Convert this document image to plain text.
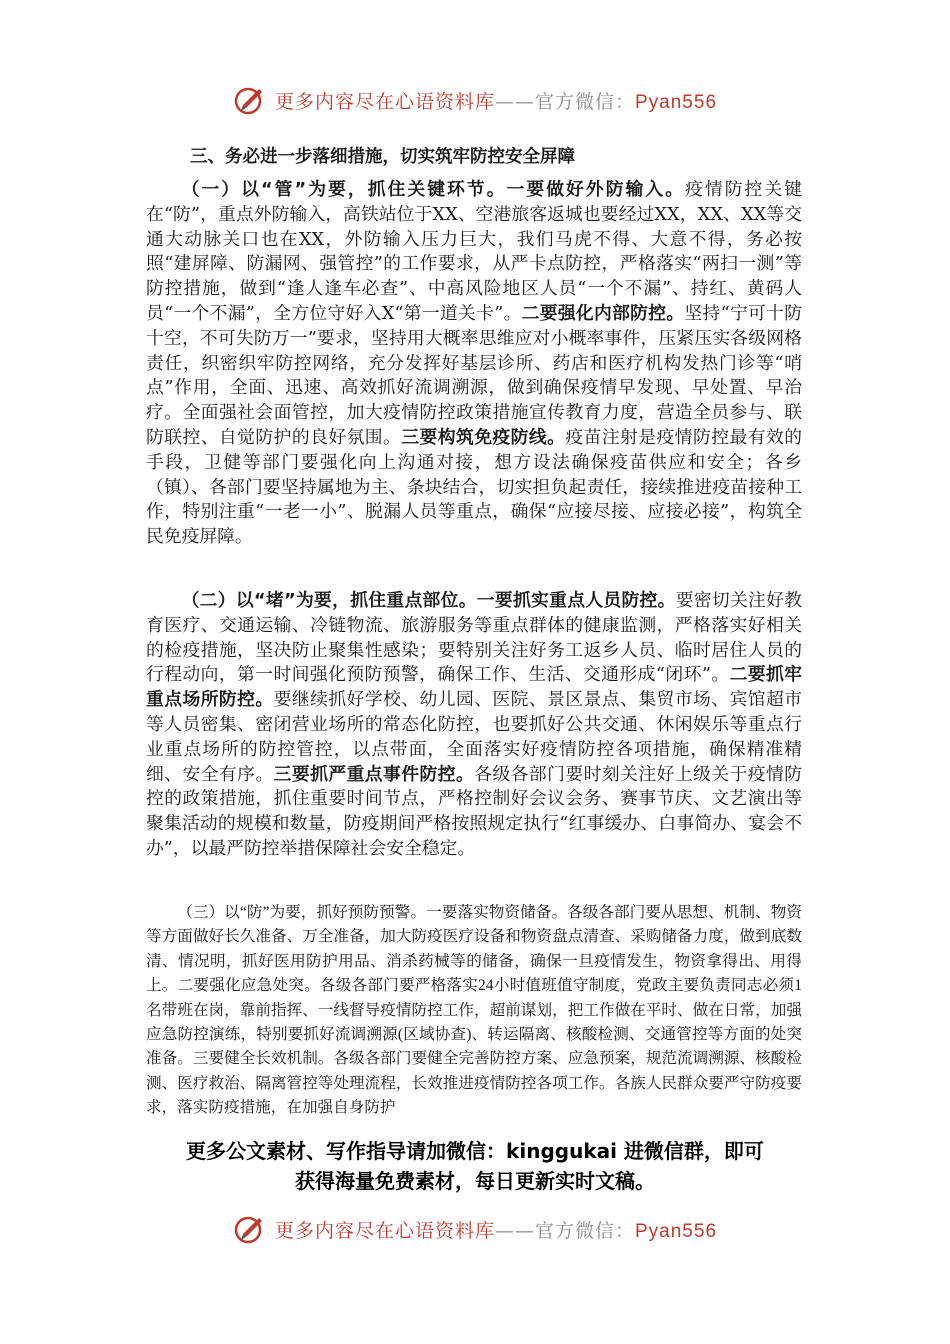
更多内容尽在心语资料库——官方微信：Pyan556
三、务必进一步落细措施，切实筑牢防控安全屏障

（一）以“管”为要，抓住关键环节。一要做好外防输入。疫情防控关键在“防”，重点外防输入，高铁站位于XX、空港旅客返城也要经过XX，XX、XX等交通大动脉关口也在XX，外防输入压力巨大，我们马虎不得、大意不得，务必按照“建屏障、防漏网、强管控”的工作要求，从严卡点防控，严格落实“两扫一测”等防控措施，做到“逢人逢车必查”、中高风险地区人员“一个不漏”、持红、黄码人员“一个不漏”，全方位守好入X“第一道关卡”。二要强化内部防控。坚持“宁可十防十空，不可失防万一”要求，坚持用大概率思维应对小概率事件，压紧压实各级网格责任，织密织牢防控网络，充分发挥好基层诊所、药店和医疗机构发热门诊等“哨点”作用，全面、迅速、高效抓好流调溯源，做到确保疫情早发现、早处置、早治疗。全面强社会面管控，加大疫情防控政策措施宣传教育力度，营造全员参与、联防联控、自觉防护的良好氛围。三要构筑免疫防线。疫苗注射是疫情防控最有效的手段，卫健等部门要强化向上沟通对接，想方设法确保疫苗供应和安全；各乡（镇）、各部门要坚持属地为主、条块结合，切实担负起责任，接续推进疫苗接种工作，特别注重“一老一小”、脱漏人员等重点，确保“应接尽接、应接必接”，构筑全民免疫屏障。

（二）以“堵”为要，抓住重点部位。一要抓实重点人员防控。要密切关注好教育医疗、交通运输、冷链物流、旅游服务等重点群体的健康监测，严格落实好相关的检疫措施，坚决防止聚集性感染；要特别关注好务工返乡人员、临时居住人员的行程动向，第一时间强化预防预警，确保工作、生活、交通形成“闭环”。二要抓牢重点场所防控。要继续抓好学校、幼儿园、医院、景区景点、集贸市场、宾馆超市等人员密集、密闭营业场所的常态化防控，也要抓好公共交通、休闲娱乐等重点行业重点场所的防控管控，以点带面，全面落实好疫情防控各项措施，确保精准精细、安全有序。三要抓严重点事件防控。各级各部门要时刻关注好上级关于疫情防控的政策措施，抓住重要时间节点，严格控制好会议会务、赛事节庆、文艺演出等聚集活动的规模和数量，防疫期间严格按照规定执行“红事缓办、白事简办、宴会不办”，以最严防控举措保障社会安全稳定。

（三）以“防”为要，抓好预防预警。一要落实物资储备。各级各部门要从思想、机制、物资等方面做好长久准备、万全准备，加大防疫医疗设备和物资盘点清查、采购储备力度，做到底数清、情况明，抓好医用防护用品、消杀药械等的储备，确保一旦疫情发生，物资拿得出、用得上。二要强化应急处突。各级各部门要严格落实24小时值班值守制度，党政主要负责同志必须1名带班在岗，靠前指挥、一线督导疫情防控工作，超前谋划，把工作做在平时、做在日常，加强应急防控演练，特别要抓好流调溯源(区域协查)、转运隔离、核酸检测、交通管控等方面的处突准备。三要健全长效机制。各级各部门要健全完善防控方案、应急预案，规范流调溯源、核酸检测、医疗救治、隔离管控等处理流程，长效推进疫情防控各项工作。各族人民群众要严守防疫要求，落实防疫措施，在加强自身防护

更多公文素材、写作指导请加微信：kinggukai 进微信群，即可
获得海量免费素材，每日更新实时文稿。
更多内容尽在心语资料库——官方微信：Pyan556
